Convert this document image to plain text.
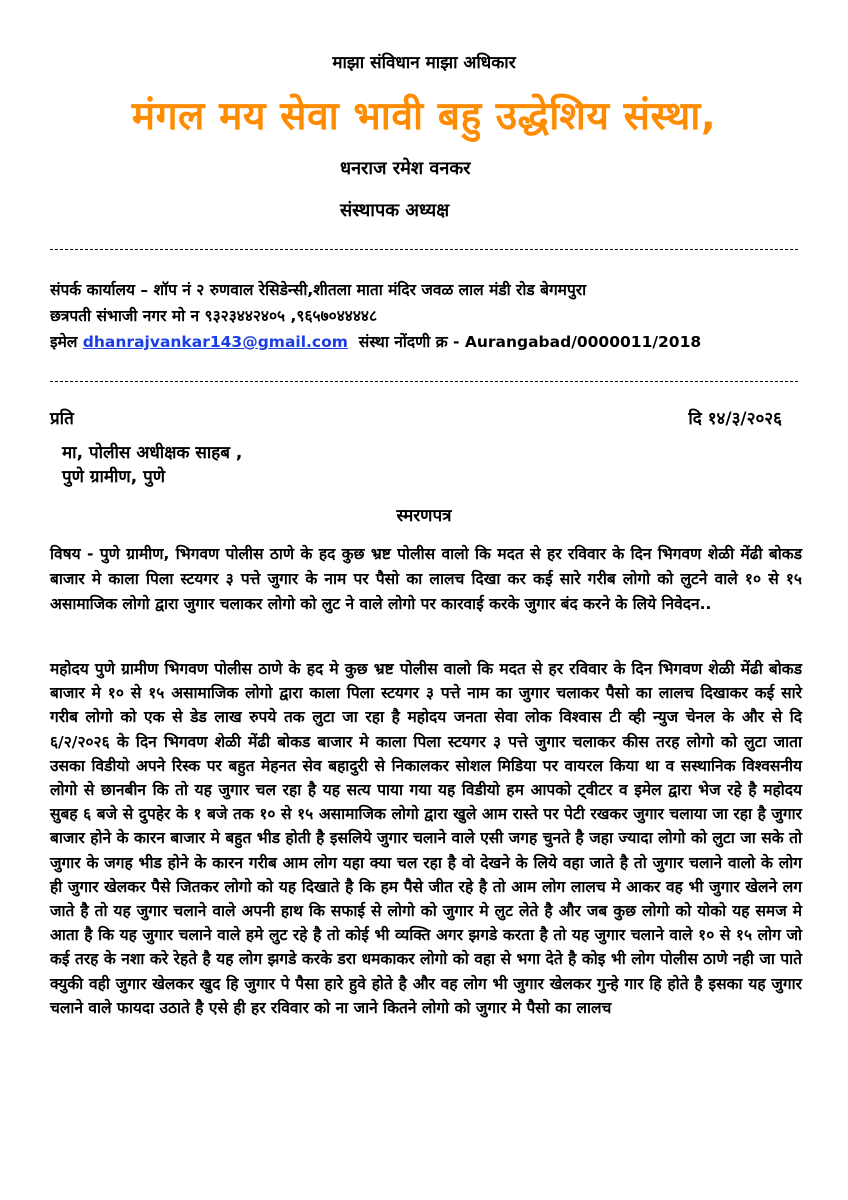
माझा संविधान माझा अधिकार
मंगल मय सेवा भावी बहु उद्धेशिय संस्था,
धनराज रमेश वनकर
संस्थापक अध्यक्ष
संपर्क कार्यालय – शॉप नं २ रुणवाल रेसिडेन्सी,शीतला माता मंदिर जवळ लाल मंडी रोड बेगमपुरा
छत्रपती संभाजी नगर मो न ९३२३४४२४०५ ,९६५७०४४४४८
इमेल dhanrajvankar143@gmail.com संस्था नोंदणी क्र - Aurangabad/0000011/2018
प्रति	दि १४/३/२०२६
मा, पोलीस अधीक्षक साहब ,
पुणे ग्रामीण, पुणे
स्मरणपत्र
विषय - पुणे ग्रामीण, भिगवण पोलीस ठाणे के हद कुछ भ्रष्ट पोलीस वालो कि मदत से हर रविवार के दिन भिगवण शेळी मेंढी बोकड बाजार मे काला पिला स्टयगर ३ पत्ते जुगार के नाम पर पैसो का लालच दिखा कर कई सारे गरीब लोगो को लुटने वाले १० से १५ असामाजिक लोगो द्वारा जुगार चलाकर लोगो को लुट ने वाले लोगो पर कारवाई करके जुगार बंद करने के लिये निवेदन..
महोदय पुणे ग्रामीण भिगवण पोलीस ठाणे के हद मे कुछ भ्रष्ट पोलीस वालो कि मदत से हर रविवार के दिन भिगवण शेळी मेंढी बोकड बाजार मे १० से १५ असामाजिक लोगो द्वारा काला पिला स्टयगर ३ पत्ते नाम का जुगार चलाकर पैसो का लालच दिखाकर कई सारे गरीब लोगो को एक से डेड लाख रुपये तक लुटा जा रहा है महोदय जनता सेवा लोक विश्वास टी व्ही न्युज चेनल के और से दि ६/२/२०२६ के दिन भिगवण शेळी मेंढी बोकड बाजार मे काला पिला स्टयगर ३ पत्ते जुगार चलाकर कीस तरह लोगो को लुटा जाता उसका विडीयो अपने रिस्क पर बहुत मेहनत सेव बहादुरी से निकालकर सोशल मिडिया पर वायरल किया था व सस्थानिक विश्वसनीय लोगो से छानबीन कि तो यह जुगार चल रहा है यह सत्य पाया गया यह विडीयो हम आपको ट्वीटर व इमेल द्वारा भेज रहे है महोदय सुबह ६ बजे से दुपहेर के १ बजे तक १० से १५ असामाजिक लोगो द्वारा खुले आम रास्ते पर पेटी रखकर जुगार चलाया जा रहा है जुगार बाजार होने के कारन बाजार मे बहुत भीड होती है इसलिये जुगार चलाने वाले एसी जगह चुनते है जहा ज्यादा लोगो को लुटा जा सके तो जुगार के जगह भीड होने के कारन गरीब आम लोग यहा क्या चल रहा है वो देखने के लिये वहा जाते है तो जुगार चलाने वालो के लोग ही जुगार खेलकर पैसे जितकर लोगो को यह दिखाते है कि हम पैसे जीत रहे है तो आम लोग लालच मे आकर वह भी जुगार खेलने लग जाते है तो यह जुगार चलाने वाले अपनी हाथ कि सफाई से लोगो को जुगार मे लुट लेते है और जब कुछ लोगो को योको यह समज मे आता है कि यह जुगार चलाने वाले हमे लुट रहे है तो कोई भी व्यक्ति अगर झगडे करता है तो यह जुगार चलाने वाले १० से १५ लोग जो कई तरह के नशा करे रेहते है यह लोग झगडे करके डरा धमकाकर लोगो को वहा से भगा देते है कोइ भी लोग पोलीस ठाणे नही जा पाते क्युकी वही जुगार खेलकर खुद हि जुगार पे पैसा हारे हुवे होते है और वह लोग भी जुगार खेलकर गुन्हे गार हि होते है इसका यह जुगार चलाने वाले फायदा उठाते है एसे ही हर रविवार को ना जाने कितने लोगो को जुगार मे पैसो का लालच
